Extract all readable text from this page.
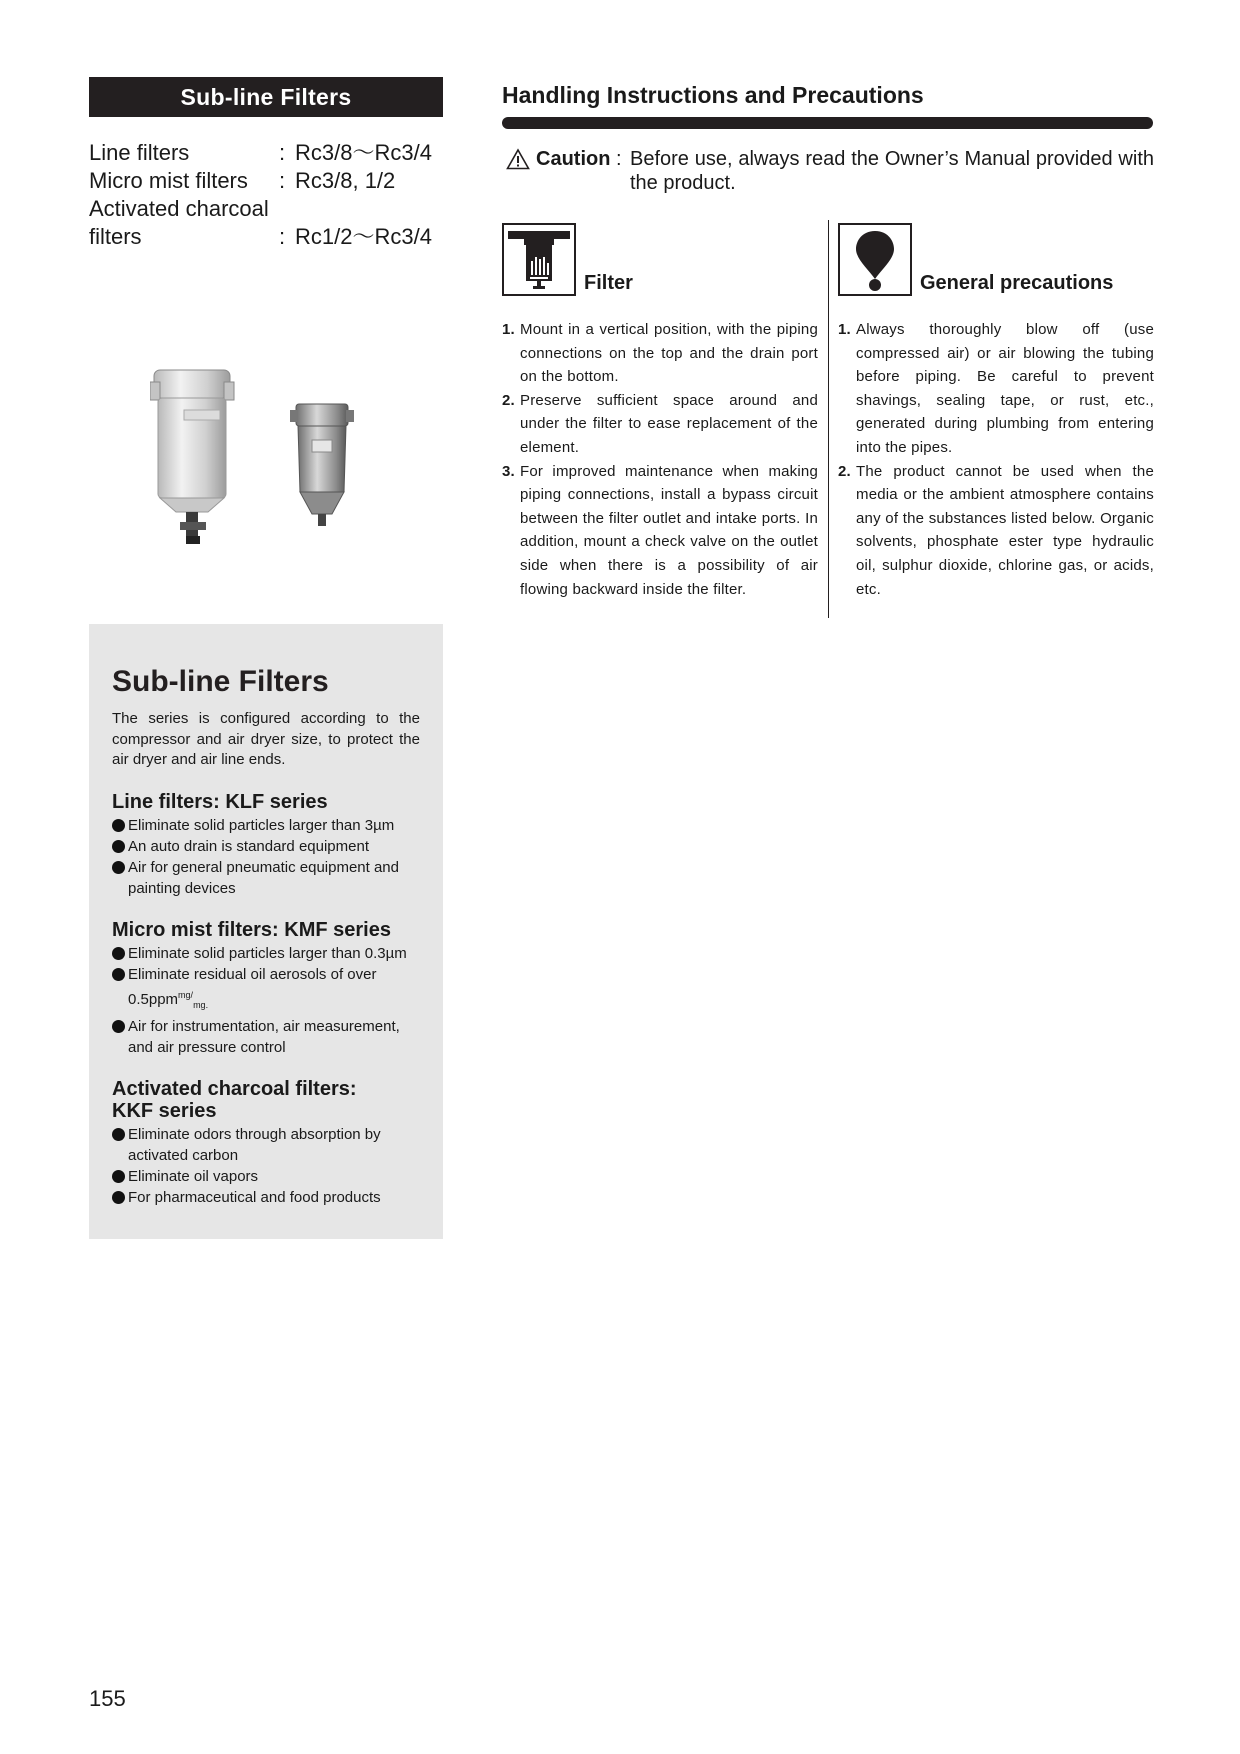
Sub-line Filters
Line filters	: Rc3/8～Rc3/4
Micro mist filters	: Rc3/8, 1/2
Activated charcoal
filters	: Rc1/2～Rc3/4
Sub-line Filters

The series is configured according to the compressor and air dryer size, to protect the air dryer and air line ends.

Line filters: KLF series
Eliminate solid particles larger than 3µm
An auto drain is standard equipment
Air for general pneumatic equipment and painting devices
Micro mist filters: KMF series
Eliminate solid particles larger than 0.3µm
Eliminate residual oil aerosols of over 0.5ppm$^{mg/}_{mg.}$
Air for instrumentation, air measurement, and air pressure control
Activated charcoal filters:
KKF series
Eliminate odors through absorption by activated carbon
Eliminate oil vapors
For pharmaceutical and food products
155
Handling Instructions and Precautions
Caution : Before use, always read the Owner’s Manual provided with the product.
Filter
1. Mount in a vertical position, with the piping connections on the top and the drain port on the bottom.
2. Preserve sufficient space around and under the filter to ease replacement of the element.
3. For improved maintenance when making piping connections, install a bypass circuit between the filter outlet and intake ports. In addition, mount a check valve on the outlet side when there is a possibility of air flowing backward inside the filter.
General precautions
1. Always thoroughly blow off (use compressed air) or air blowing the tubing before piping. Be careful to prevent shavings, sealing tape, or rust, etc., generated during plumbing from entering into the pipes.
2. The product cannot be used when the media or the ambient atmosphere contains any of the substances listed below. Organic solvents, phosphate ester type hydraulic oil, sulphur dioxide, chlorine gas, or acids, etc.
